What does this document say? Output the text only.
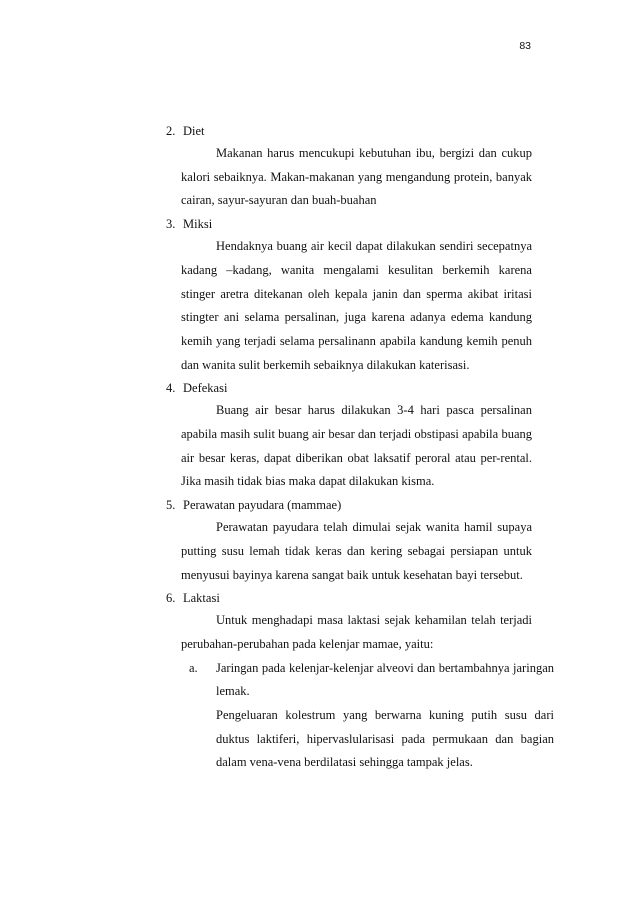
83
2. Diet

Makanan harus mencukupi kebutuhan ibu, bergizi dan cukup kalori sebaiknya. Makan-makanan yang mengandung protein, banyak cairan, sayur-sayuran dan buah-buahan

3. Miksi

Hendaknya buang air kecil dapat dilakukan sendiri secepatnya kadang –kadang, wanita mengalami kesulitan berkemih karena stinger aretra ditekanan oleh kepala janin dan sperma akibat iritasi stingter ani selama persalinan, juga karena adanya edema kandung kemih yang terjadi selama persalinann apabila kandung kemih penuh dan wanita sulit berkemih sebaiknya dilakukan katerisasi.

4. Defekasi

Buang air besar harus dilakukan 3-4 hari pasca persalinan apabila masih sulit buang air besar dan terjadi obstipasi apabila buang air besar keras, dapat diberikan obat laksatif peroral atau per-rental. Jika masih tidak bias maka dapat dilakukan kisma.

5. Perawatan payudara (mammae)

Perawatan payudara telah dimulai sejak wanita hamil supaya putting susu lemah tidak keras dan kering sebagai persiapan untuk menyusui bayinya karena sangat baik untuk kesehatan bayi tersebut.

6. Laktasi

Untuk menghadapi masa laktasi sejak kehamilan telah terjadi perubahan-perubahan pada kelenjar mamae, yaitu:

a.	Jaringan pada kelenjar-kelenjar alveovi dan bertambahnya jaringan lemak.
Pengeluaran kolestrum yang berwarna kuning putih susu dari duktus laktiferi, hipervaslularisasi pada permukaan dan bagian dalam vena-vena berdilatasi sehingga tampak jelas.
